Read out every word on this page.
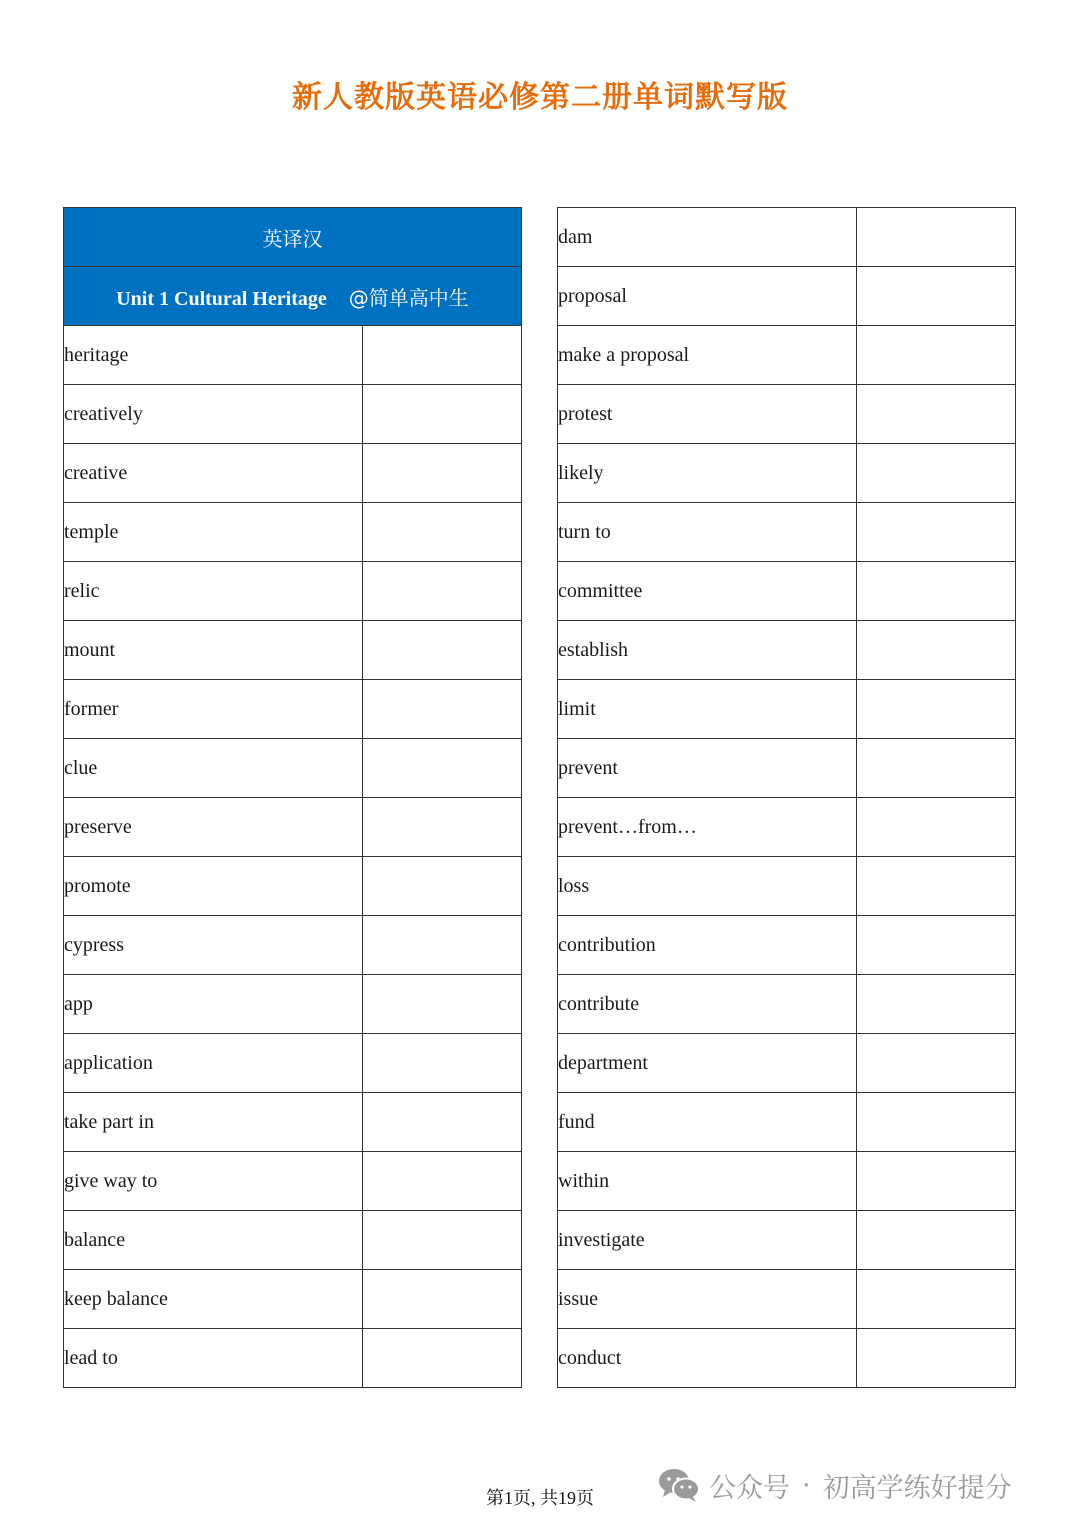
新人教版英语必修第二册单词默写版
英译汉	
Unit 1 Cultural Heritage @简单高中生	
heritage	
creatively	
creative	
temple	
relic	
mount	
former	
clue	
preserve	
promote	
cypress	
app	
application	
take part in	
give way to	
balance	
keep balance	
lead to	
dam	
proposal	
make a proposal	
protest	
likely	
turn to	
committee	
establish	
limit	
prevent	
prevent…from…	
loss	
contribution	
contribute	
department	
fund	
within	
investigate	
issue	
conduct	
第1页, 共19页	公众号 · 初高学练好提分
